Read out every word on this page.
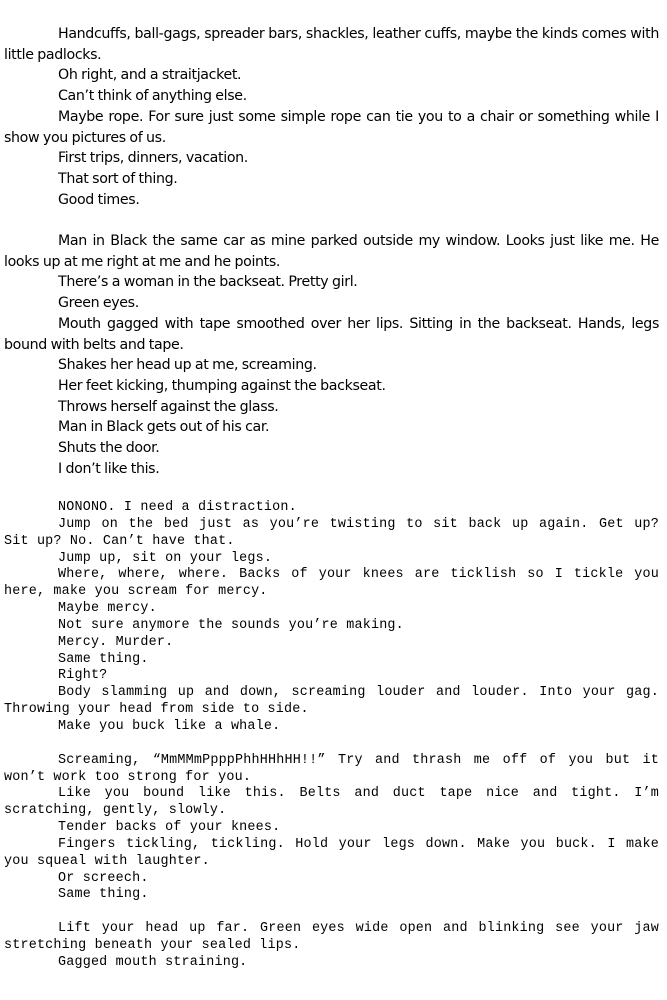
Handcuffs, ball-gags, spreader bars, shackles, leather cuffs, maybe the kinds comes with little padlocks.

Oh right, and a straitjacket.

Can’t think of anything else.

Maybe rope. For sure just some simple rope can tie you to a chair or something while I show you pictures of us.

First trips, dinners, vacation.

That sort of thing.

Good times.

Man in Black the same car as mine parked outside my window. Looks just like me. He looks up at me right at me and he points.

There’s a woman in the backseat. Pretty girl.

Green eyes.

Mouth gagged with tape smoothed over her lips. Sitting in the backseat. Hands, legs bound with belts and tape.

Shakes her head up at me, screaming.

Her feet kicking, thumping against the backseat.

Throws herself against the glass.

Man in Black gets out of his car.

Shuts the door.

I don’t like this.

NONONO. I need a distraction.

Jump on the bed just as you’re twisting to sit back up again. Get up? Sit up? No. Can’t have that.

Jump up, sit on your legs.

Where, where, where. Backs of your knees are ticklish so I tickle you here, make you scream for mercy.

Maybe mercy.

Not sure anymore the sounds you’re making.

Mercy. Murder.

Same thing.

Right?

Body slamming up and down, screaming louder and louder. Into your gag. Throwing your head from side to side.

Make you buck like a whale.

Screaming, “MmMMmPpppPhhHHhHH!!” Try and thrash me off of you but it won’t work too strong for you.

Like you bound like this. Belts and duct tape nice and tight. I’m scratching, gently, slowly.

Tender backs of your knees.

Fingers tickling, tickling. Hold your legs down. Make you buck. I make you squeal with laughter.

Or screech.

Same thing.

Lift your head up far. Green eyes wide open and blinking see your jaw stretching beneath your sealed lips.

Gagged mouth straining.
